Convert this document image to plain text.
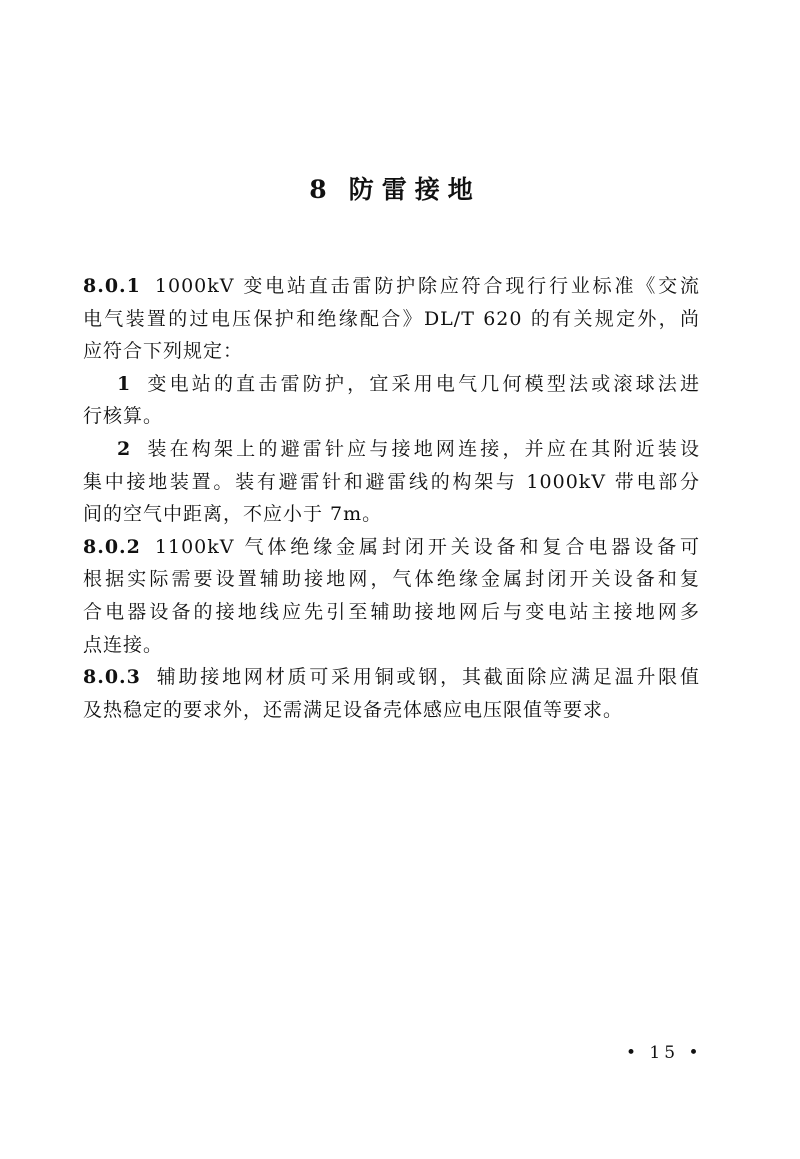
8 防雷接地
8.0.1 1000kV 变电站直击雷防护除应符合现行行业标准《交流
电气装置的过电压保护和绝缘配合》DL/T 620 的有关规定外，尚
应符合下列规定：
1 变电站的直击雷防护，宜采用电气几何模型法或滚球法进
行核算。
2 装在构架上的避雷针应与接地网连接，并应在其附近装设
集中接地装置。装有避雷针和避雷线的构架与 1000kV 带电部分
间的空气中距离，不应小于 7m。
8.0.2 1100kV 气体绝缘金属封闭开关设备和复合电器设备可
根据实际需要设置辅助接地网，气体绝缘金属封闭开关设备和复
合电器设备的接地线应先引至辅助接地网后与变电站主接地网多
点连接。
8.0.3 辅助接地网材质可采用铜或钢，其截面除应满足温升限值
及热稳定的要求外，还需满足设备壳体感应电压限值等要求。
• 15 •
